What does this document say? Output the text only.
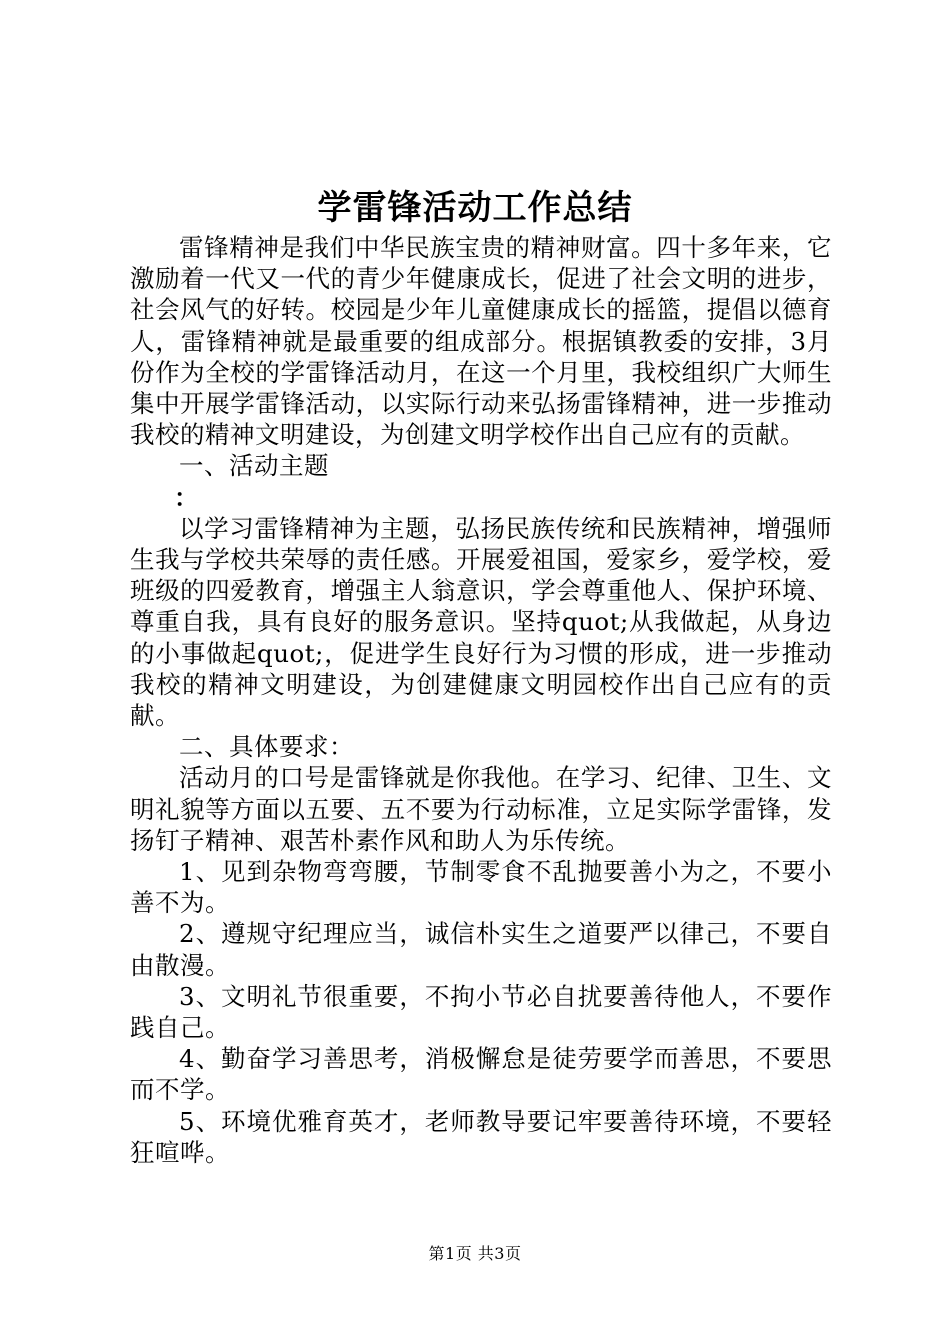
学雷锋活动工作总结

雷锋精神是我们中华民族宝贵的精神财富。四十多年来，它激励着一代又一代的青少年健康成长，促进了社会文明的进步，社会风气的好转。校园是少年儿童健康成长的摇篮，提倡以德育人，雷锋精神就是最重要的组成部分。根据镇教委的安排，3月份作为全校的学雷锋活动月，在这一个月里，我校组织广大师生集中开展学雷锋活动，以实际行动来弘扬雷锋精神，进一步推动我校的精神文明建设，为创建文明学校作出自己应有的贡献。

一、活动主题

：

以学习雷锋精神为主题，弘扬民族传统和民族精神，增强师生我与学校共荣辱的责任感。开展爱祖国，爱家乡，爱学校，爱班级的四爱教育，增强主人翁意识，学会尊重他人、保护环境、尊重自我，具有良好的服务意识。坚持quot;从我做起，从身边的小事做起quot;，促进学生良好行为习惯的形成，进一步推动我校的精神文明建设，为创建健康文明园校作出自己应有的贡献。

二、具体要求：

活动月的口号是雷锋就是你我他。在学习、纪律、卫生、文明礼貌等方面以五要、五不要为行动标准，立足实际学雷锋，发扬钉子精神、艰苦朴素作风和助人为乐传统。

1、见到杂物弯弯腰，节制零食不乱抛要善小为之，不要小善不为。

2、遵规守纪理应当，诚信朴实生之道要严以律己，不要自由散漫。

3、文明礼节很重要，不拘小节必自扰要善待他人，不要作践自己。

4、勤奋学习善思考，消极懈怠是徒劳要学而善思，不要思而不学。

5、环境优雅育英才，老师教导要记牢要善待环境，不要轻狂喧哗。

第1页 共3页
